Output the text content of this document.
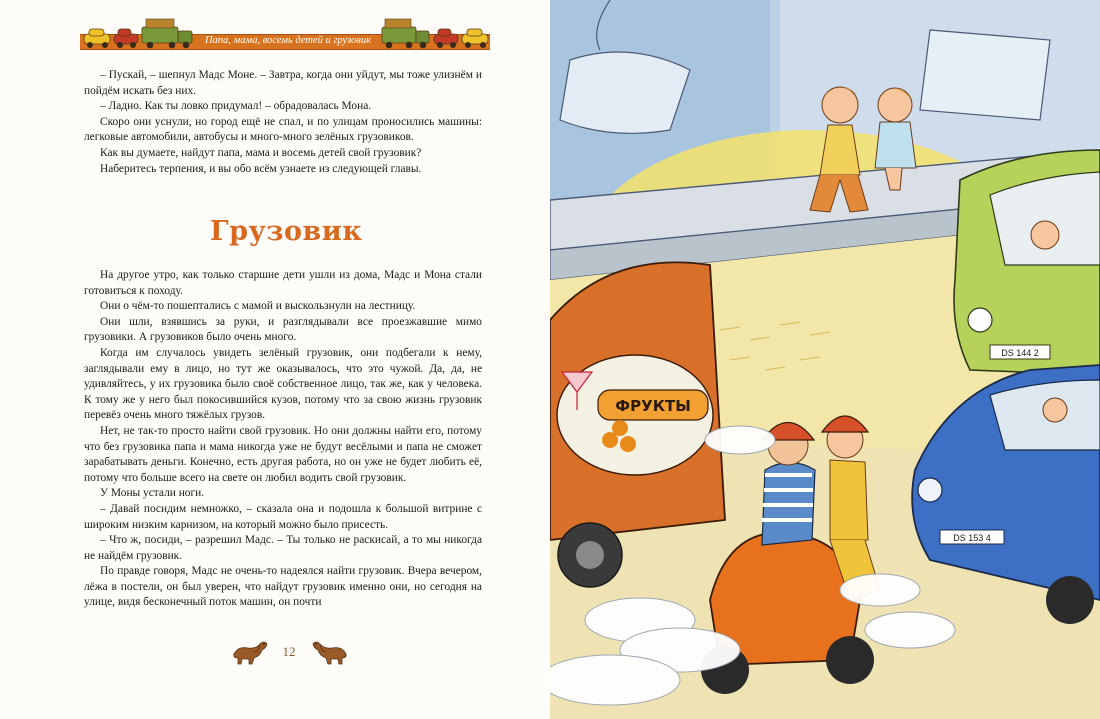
Папа, мама, восемь детей и грузовик

– Пускай, – шепнул Мадс Моне. – Завтра, когда они уйдут, мы тоже улизнём и пойдём искать без них.

– Ладно. Как ты ловко придумал! – обрадовалась Мона.

Скоро они уснули, но город ещё не спал, и по улицам проносились машины: легковые автомобили, автобусы и много-много зелёных грузовиков.

Как вы думаете, найдут папа, мама и восемь детей свой грузовик?

Наберитесь терпения, и вы обо всём узнаете из следующей главы.

Грузовик

На другое утро, как только старшие дети ушли из дома, Мадс и Мона стали готовиться к походу.

Они о чём-то пошептались с мамой и выскользнули на лестницу.

Они шли, взявшись за руки, и разглядывали все проезжавшие мимо грузовики. А грузовиков было очень много.

Когда им случалось увидеть зелёный грузовик, они подбегали к нему, заглядывали ему в лицо, но тут же оказывалось, что это чужой. Да, да, не удивляйтесь, у их грузовика было своё собственное лицо, так же, как у человека. К тому же у него был покосившийся кузов, потому что за свою жизнь грузовик перевёз очень много тяжёлых грузов.

Нет, не так-то просто найти свой грузовик. Но они должны найти его, потому что без грузовика папа и мама никогда уже не будут весёлыми и папа не сможет зарабатывать деньги. Конечно, есть другая работа, но он уже не будет любить её, потому что больше всего на свете он любил водить свой грузовик.

У Моны устали ноги.

– Давай посидим немножко, – сказала она и подошла к большой витрине с широким низким карнизом, на который можно было присесть.

– Что ж, посиди, – разрешил Мадс. – Ты только не раскисай, а то мы никогда не найдём грузовик.

По правде говоря, Мадс не очень-то надеялся найти грузовик. Вчера вечером, лёжа в постели, он был уверен, что найдут грузовик именно они, но сегодня на улице, видя бесконечный поток машин, он почти

12
DS 144 2
ФРУКТЫ
DS 153 4
